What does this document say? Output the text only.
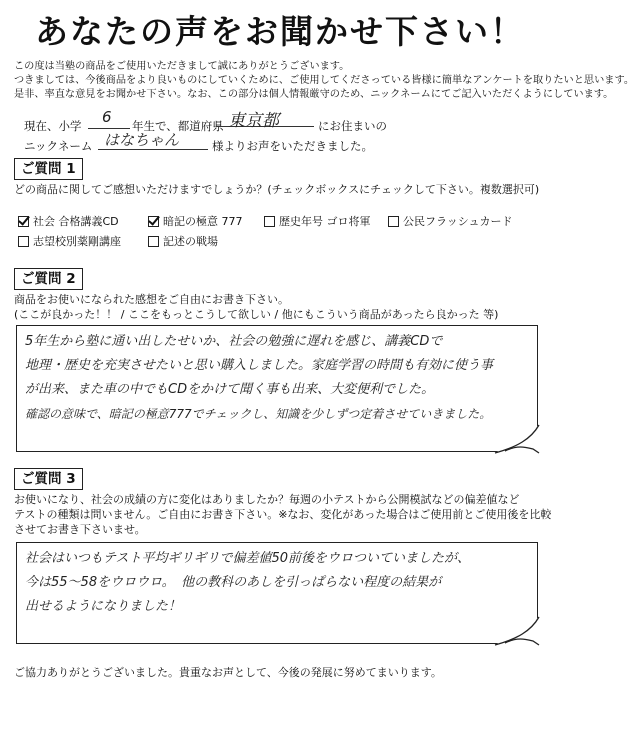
あなたの声をお聞かせ下さい！
この度は当塾の商品をご使用いただきまして誠にありがとうございます。
つきましては、今後商品をより良いものにしていくために、ご使用してくださっている皆様に簡単なアンケートを取りたいと思います。
是非、率直な意見をお聞かせ下さい。なお、この部分は個人情報厳守のため、ニックネームにてご記入いただくようにしています。
現在、小学 6 年生で、都道府県 東京都	にお住まいの
ニックネーム はなちゃん	様よりお声をいただきました。
ご質問 1
どの商品に関してご感想いただけますでしょうか？(チェックボックスにチェックして下さい。複数選択可)
社会 合格講義CD	暗記の極意 777	歴史年号 ゴロ将軍	公民フラッシュカード
志望校別薬剛講座	記述の戦場
ご質問 2
商品をお使いになられた感想をご自由にお書き下さい。
(ここが良かった！！ / ここをもっとこうして欲しい / 他にもこういう商品があったら良かった 等)
5年生から塾に通い出したせいか、社会の勉強に遅れを感じ、講義CDで
地理・歴史を充実させたいと思い購入しました。家庭学習の時間も有効に使う事
が出来、また車の中でもCDをかけて聞く事も出来、大変便利でした。
確認の意味で、暗記の極意777でチェックし、知識を少しずつ定着させていきました。
ご質問 3
お使いになり、社会の成績の方に変化はありましたか？毎週の小テストから公開模試などの偏差値など
テストの種類は問いません。ご自由にお書き下さい。※なお、変化があった場合はご使用前とご使用後を比較
させてお書き下さいませ。
社会はいつもテスト平均ギリギリで偏差値50前後をウロついていましたが、
今は55〜58をウロウロ。　他の教科のあしを引っぱらない程度の結果が
出せるようになりました！
ご協力ありがとうございました。貴重なお声として、今後の発展に努めてまいります。
